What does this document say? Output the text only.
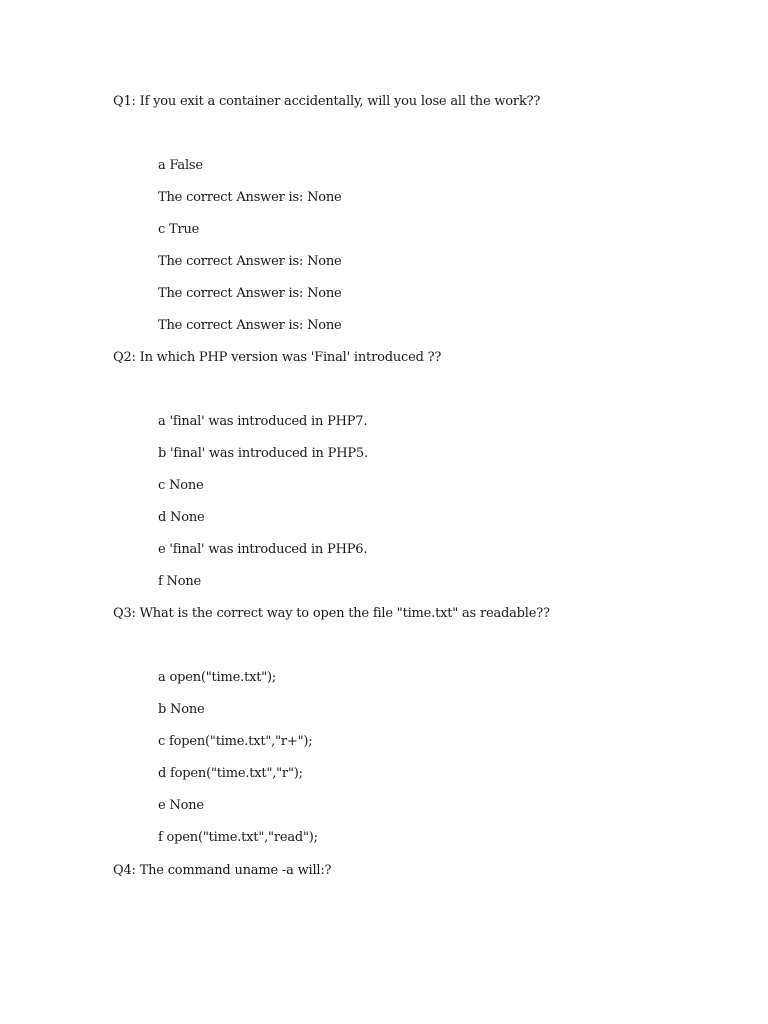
Q1: If you exit a container accidentally, will you lose all the work??
a False
The correct Answer is: None
c True
The correct Answer is: None
The correct Answer is: None
The correct Answer is: None
Q2: In which PHP version was 'Final' introduced ??
a 'final' was introduced in PHP7.
b 'final' was introduced in PHP5.
c None
d None
e 'final' was introduced in PHP6.
f None
Q3: What is the correct way to open the file "time.txt" as readable??
a open("time.txt");
b None
c fopen("time.txt","r+");
d fopen("time.txt","r");
e None
f open("time.txt","read");
Q4: The command uname -a will:?
